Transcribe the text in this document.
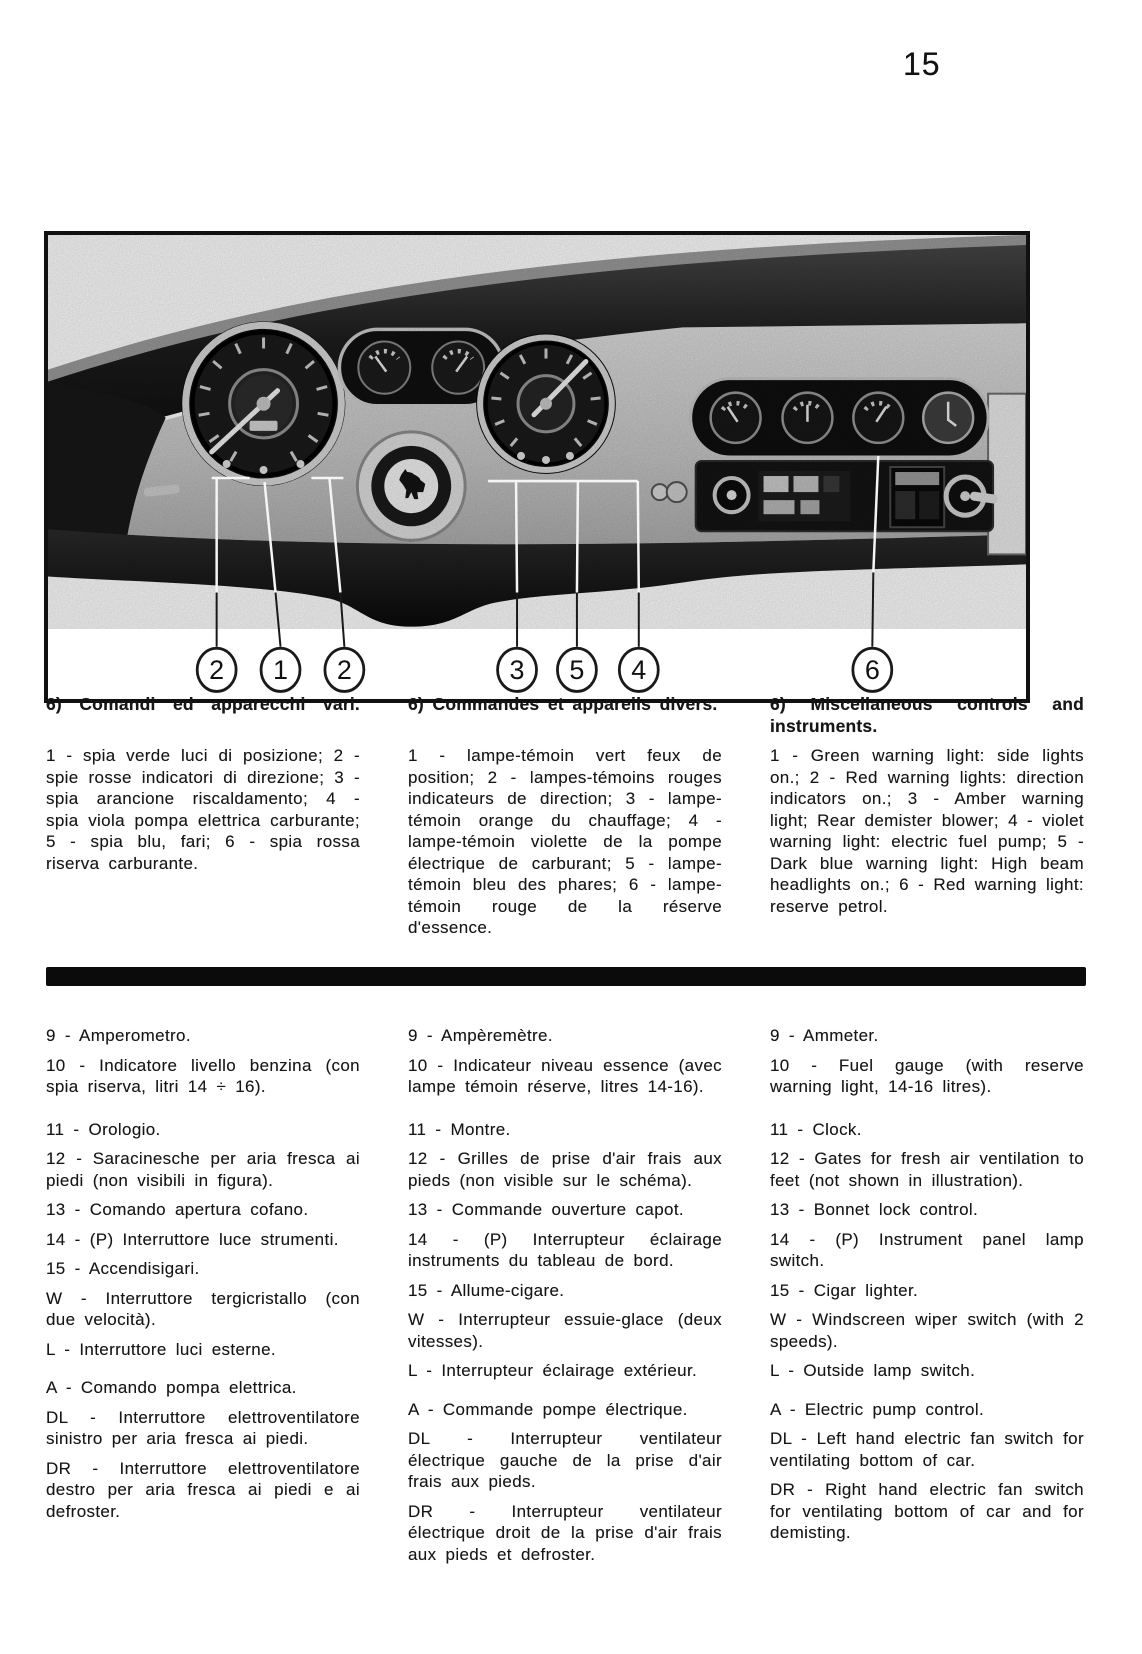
15
2 1 2	3 5 4	6
6) Comandi ed apparecchi vari.
1 - spia verde luci di posizione; 2 - spie rosse indicatori di direzione; 3 - spia arancione riscaldamento; 4 - spia viola pompa elettrica carburante; 5 - spia blu, fari; 6 - spia rossa riserva carburante.
6) Commandes et appareils divers.
1 - lampe-témoin vert feux de position; 2 - lampes-témoins rouges indicateurs de direction; 3 - lampe-témoin orange du chauffage; 4 - lampe-témoin violette de la pompe électrique de carburant; 5 - lampe-témoin bleu des phares; 6 - lampe-témoin rouge de la réserve d'essence.
6) Miscellaneous controls and instruments.
1 - Green warning light: side lights on.; 2 - Red warning lights: direction indicators on.; 3 - Amber warning light; Rear demister blower; 4 - violet warning light: electric fuel pump; 5 - Dark blue warning light: High beam headlights on.; 6 - Red warning light: reserve petrol.

9 - Amperometro.

10 - Indicatore livello benzina (con spia riserva, litri 14 ÷ 16).

11 - Orologio.

12 - Saracinesche per aria fresca ai piedi (non visibili in figura).

13 - Comando apertura cofano.

14 - (P) Interruttore luce strumenti.

15 - Accendisigari.

W - Interruttore tergicristallo (con due velocità).

L - Interruttore luci esterne.

A - Comando pompa elettrica.

DL - Interruttore elettroventilatore sinistro per aria fresca ai piedi.

DR - Interruttore elettroventilatore destro per aria fresca ai piedi e ai defroster.

9 - Ampèremètre.

10 - Indicateur niveau essence (avec lampe témoin réserve, litres 14-16).

11 - Montre.

12 - Grilles de prise d'air frais aux pieds (non visible sur le schéma).

13 - Commande ouverture capot.

14 - (P) Interrupteur éclairage instruments du tableau de bord.

15 - Allume-cigare.

W - Interrupteur essuie-glace (deux vitesses).

L - Interrupteur éclairage extérieur.

A - Commande pompe électrique.

DL - Interrupteur ventilateur électrique gauche de la prise d'air frais aux pieds.

DR - Interrupteur ventilateur électrique droit de la prise d'air frais aux pieds et defroster.

9 - Ammeter.

10 - Fuel gauge (with reserve warning light, 14-16 litres).

11 - Clock.

12 - Gates for fresh air ventilation to feet (not shown in illustration).

13 - Bonnet lock control.

14 - (P) Instrument panel lamp switch.

15 - Cigar lighter.

W - Windscreen wiper switch (with 2 speeds).

L - Outside lamp switch.

A - Electric pump control.

DL - Left hand electric fan switch for ventilating bottom of car.

DR - Right hand electric fan switch for ventilating bottom of car and for demisting.
